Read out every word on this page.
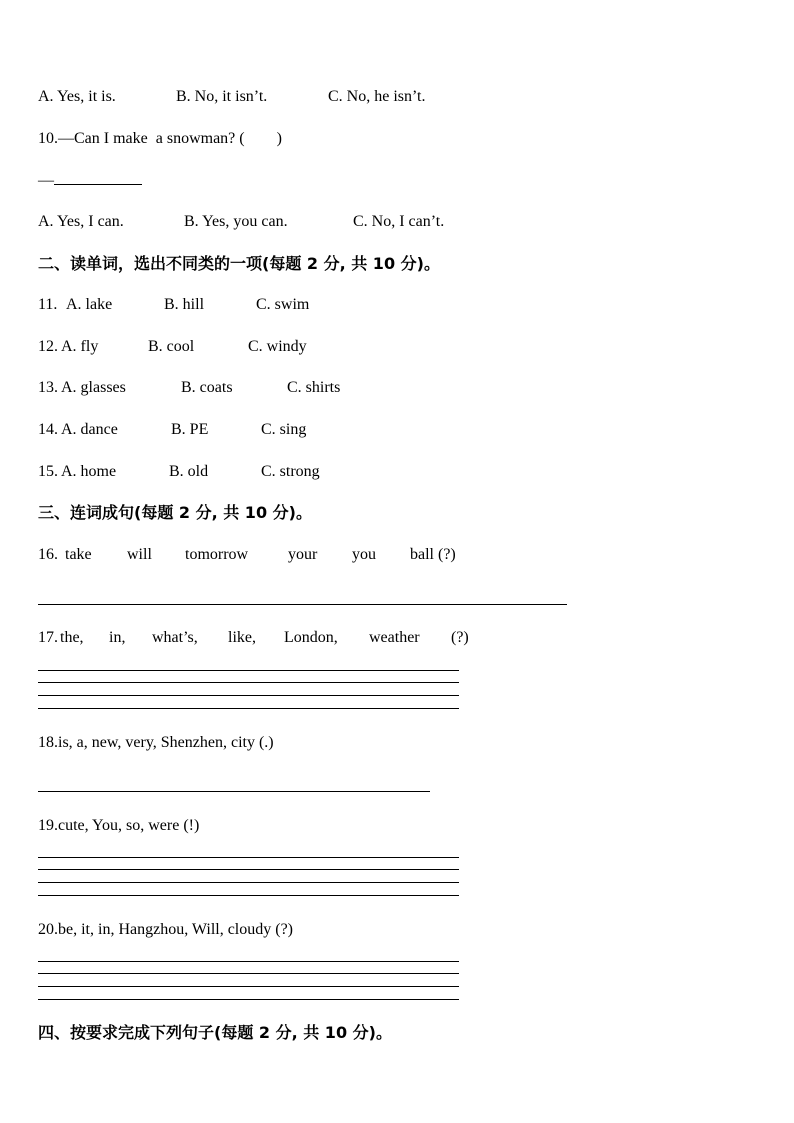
A. Yes, it is.	B. No, it isn’t.	C. No, he isn’t.
10.—Can I make  a snowman? (        )
—
A. Yes, I can.	B. Yes, you can.	C. No, I can’t.
二、读单词，选出不同类的一项(每题 2 分, 共 10 分)。
11. A. lake	B. hill	C. swim
12. A. fly	B. cool	C. windy
13. A. glasses	B. coats	C. shirts
14. A. dance	B. PE	C. sing
15. A. home	B. old	C. strong
三、连词成句(每题 2 分, 共 10 分)。
16. take will tomorrow your you ball (?)
17. the, in, what’s, like, London, weather (?)
18.is, a, new, very, Shenzhen, city (.)
19.cute, You, so, were (!)
20.be, it, in, Hangzhou, Will, cloudy (?)
四、按要求完成下列句子(每题 2 分, 共 10 分)。
